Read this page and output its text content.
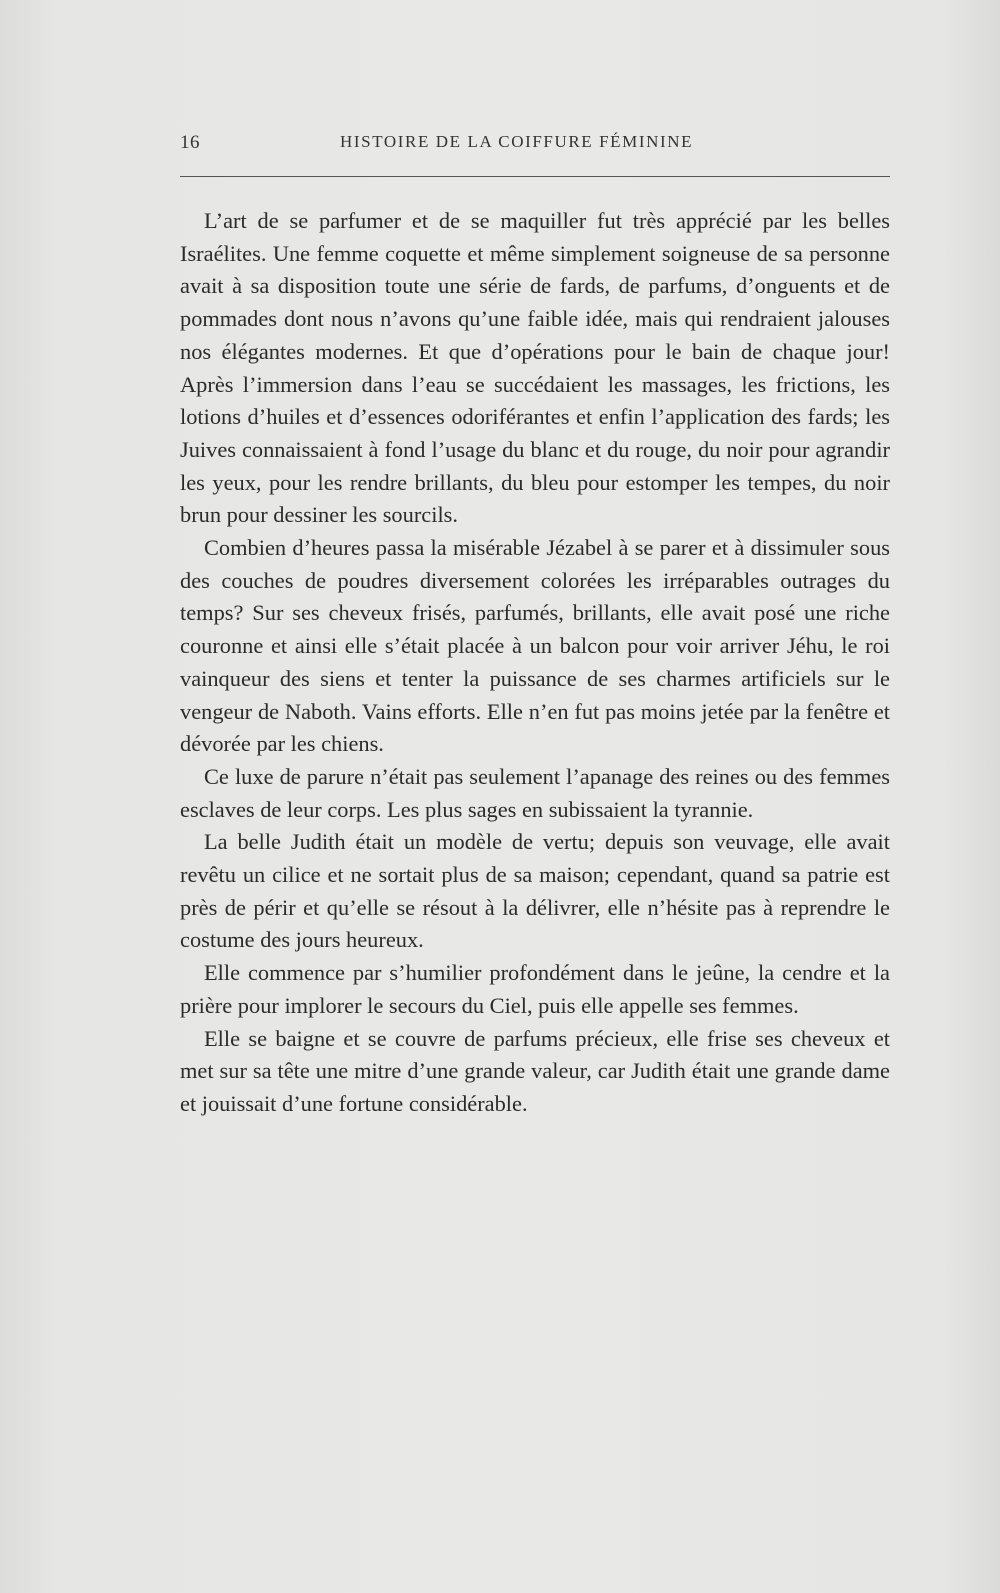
16	HISTOIRE DE LA COIFFURE FÉMININE

L’art de se parfumer et de se maquiller fut très apprécié par les belles Israélites. Une femme coquette et même simplement soigneuse de sa personne avait à sa disposition toute une série de fards, de parfums, d’onguents et de pommades dont nous n’avons qu’une faible idée, mais qui rendraient jalouses nos élégantes modernes. Et que d’opérations pour le bain de chaque jour! Après l’immersion dans l’eau se succédaient les massages, les frictions, les lotions d’huiles et d’essences odoriférantes et enfin l’application des fards; les Juives connaissaient à fond l’usage du blanc et du rouge, du noir pour agrandir les yeux, pour les rendre brillants, du bleu pour estomper les tempes, du noir brun pour dessiner les sourcils.

Combien d’heures passa la misérable Jézabel à se parer et à dissimuler sous des couches de poudres diversement colorées les irréparables outrages du temps? Sur ses cheveux frisés, parfumés, brillants, elle avait posé une riche couronne et ainsi elle s’était placée à un balcon pour voir arriver Jéhu, le roi vainqueur des siens et tenter la puissance de ses charmes artificiels sur le vengeur de Naboth. Vains efforts. Elle n’en fut pas moins jetée par la fenêtre et dévorée par les chiens.

Ce luxe de parure n’était pas seulement l’apanage des reines ou des femmes esclaves de leur corps. Les plus sages en subissaient la tyrannie.

La belle Judith était un modèle de vertu; depuis son veuvage, elle avait revêtu un cilice et ne sortait plus de sa maison; cependant, quand sa patrie est près de périr et qu’elle se résout à la délivrer, elle n’hésite pas à reprendre le costume des jours heureux.

Elle commence par s’humilier profondément dans le jeûne, la cendre et la prière pour implorer le secours du Ciel, puis elle appelle ses femmes.

Elle se baigne et se couvre de parfums précieux, elle frise ses cheveux et met sur sa tête une mitre d’une grande valeur, car Judith était une grande dame et jouissait d’une fortune considérable.
